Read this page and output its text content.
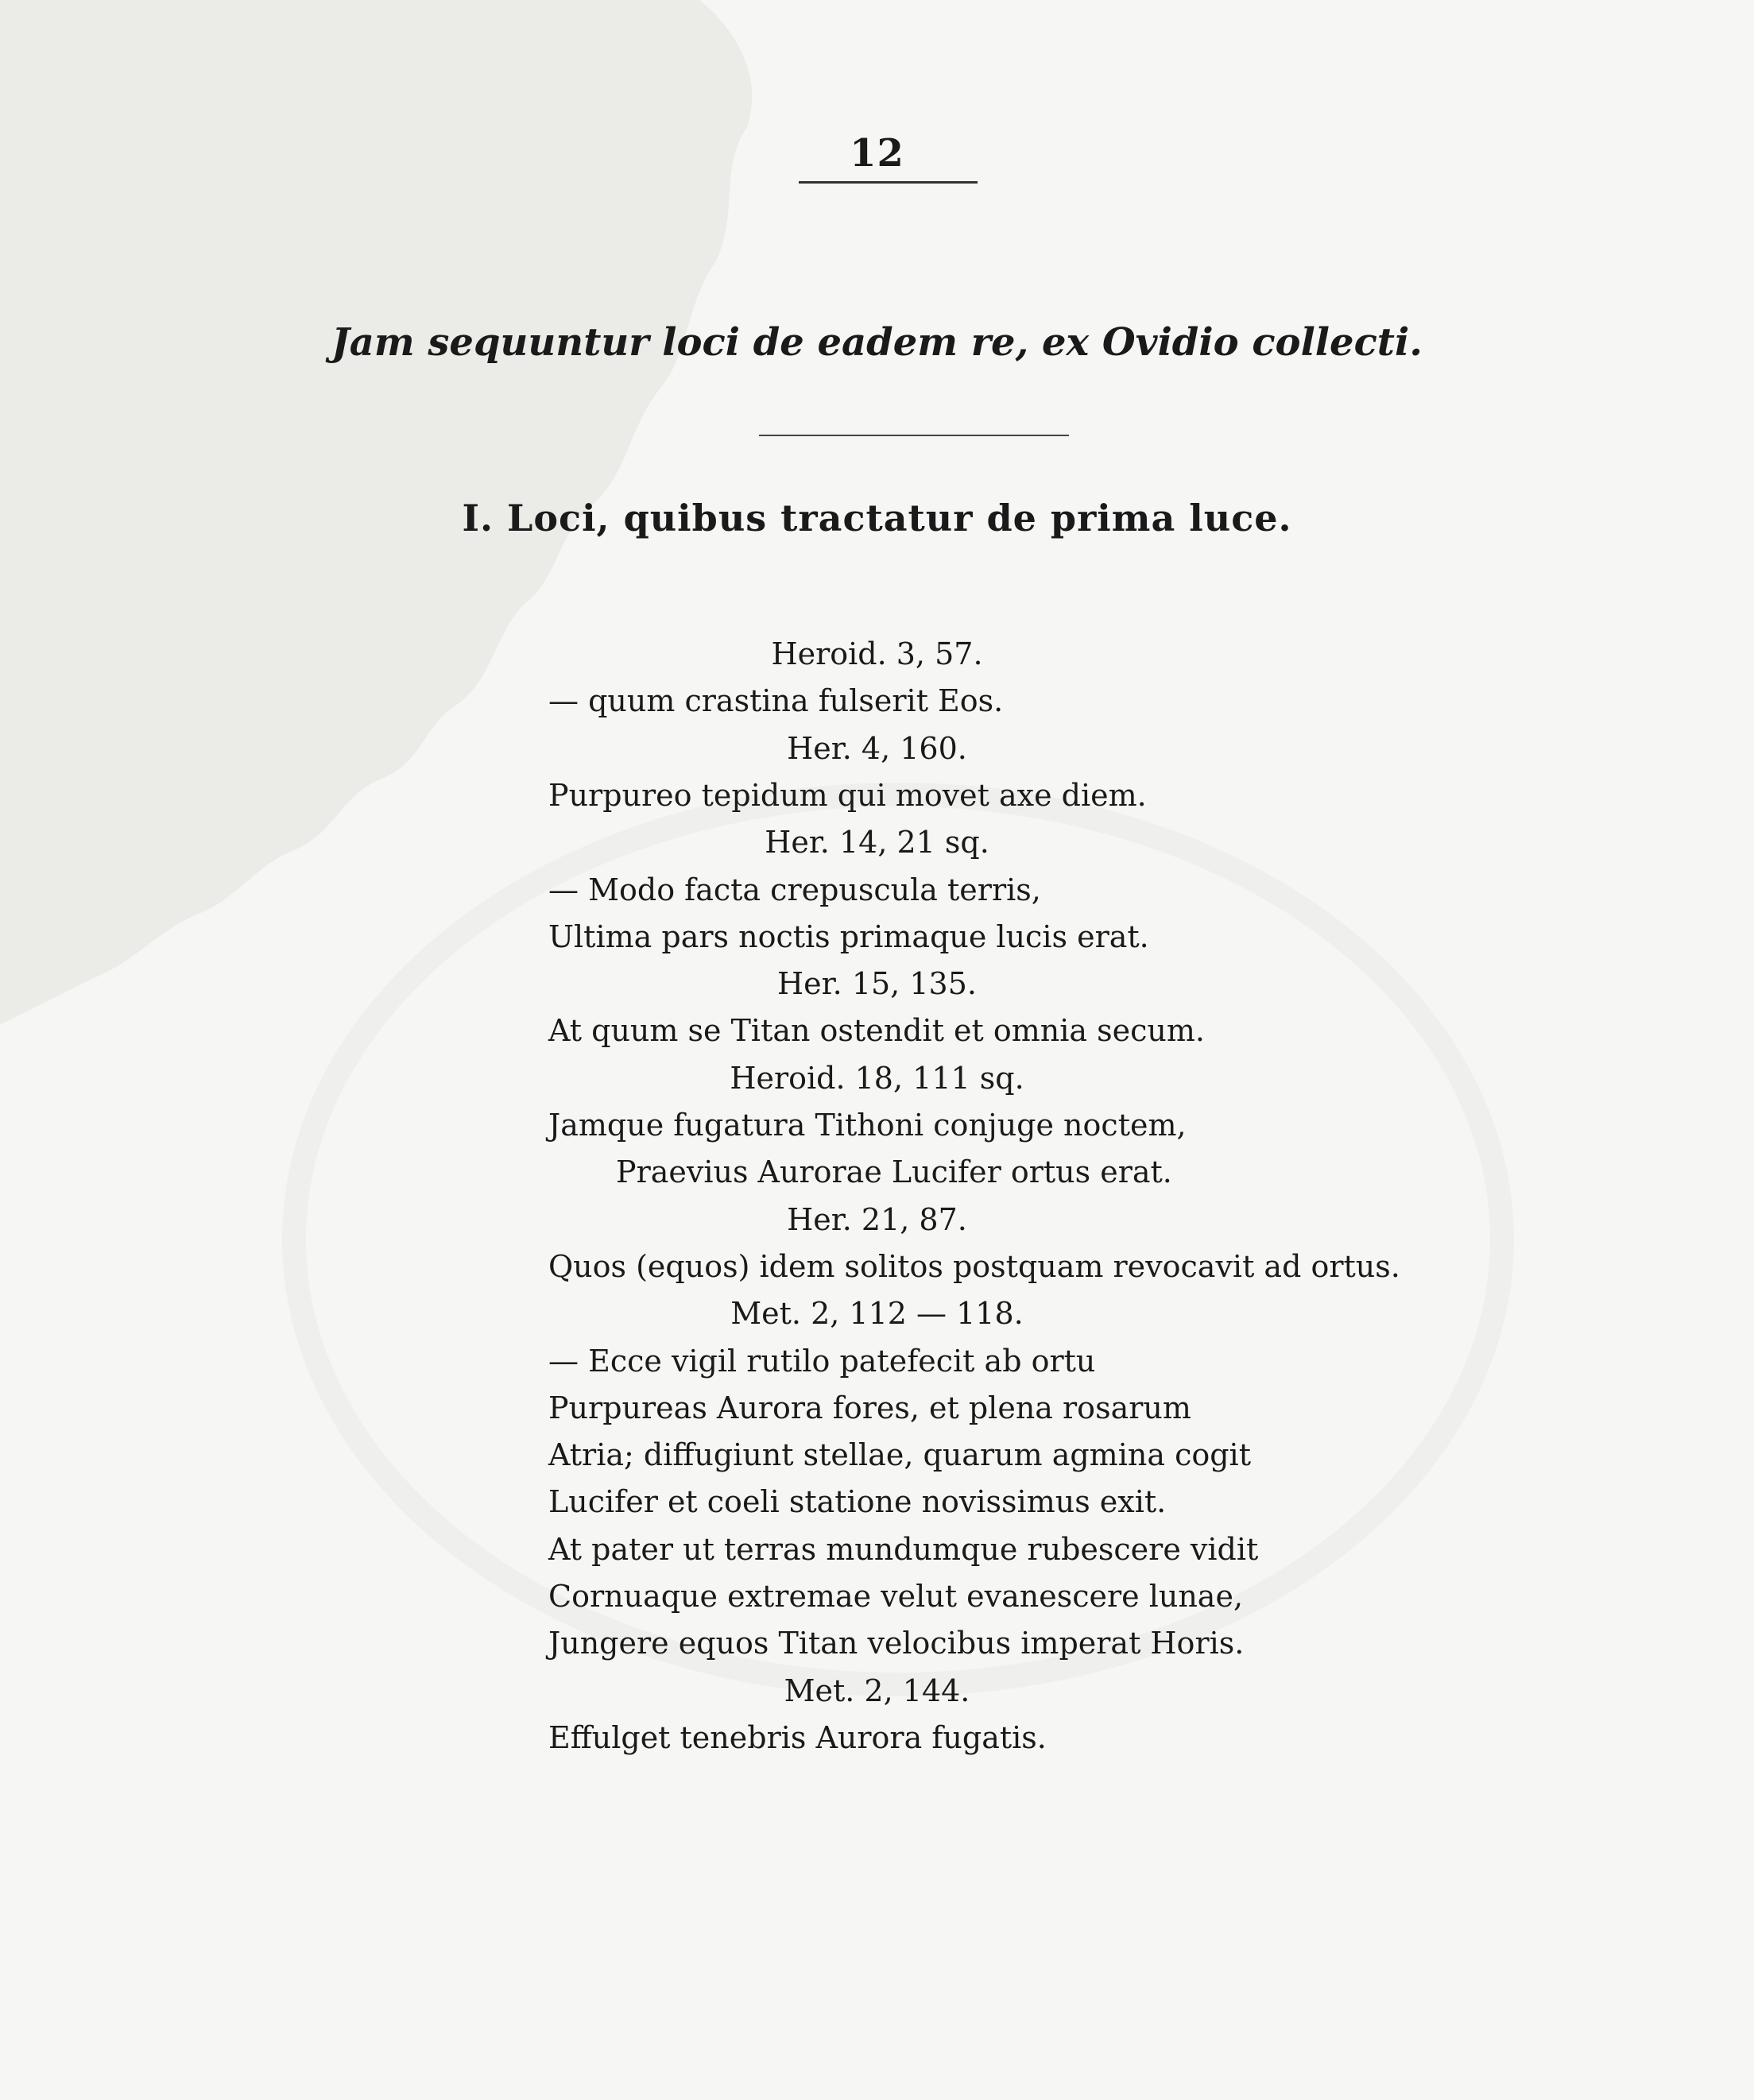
12
Jam sequuntur loci de eadem re, ex Ovidio collecti.
I. Loci, quibus tractatur de prima luce.
Heroid. 3, 57.
— quum crastina fulserit Eos.
Her. 4, 160.
Purpureo tepidum qui movet axe diem.
Her. 14, 21 sq.
— Modo facta crepuscula terris,
Ultima pars noctis primaque lucis erat.
Her. 15, 135.
At quum se Titan ostendit et omnia secum.
Heroid. 18, 111 sq.
Jamque fugatura Tithoni conjuge noctem,
Praevius Aurorae Lucifer ortus erat.
Her. 21, 87.
Quos (equos) idem solitos postquam revocavit ad ortus.
Met. 2, 112 — 118.
— Ecce vigil rutilo patefecit ab ortu
Purpureas Aurora fores, et plena rosarum
Atria; diffugiunt stellae, quarum agmina cogit
Lucifer et coeli statione novissimus exit.
At pater ut terras mundumque rubescere vidit
Cornuaque extremae velut evanescere lunae,
Jungere equos Titan velocibus imperat Horis.
Met. 2, 144.
Effulget tenebris Aurora fugatis.
